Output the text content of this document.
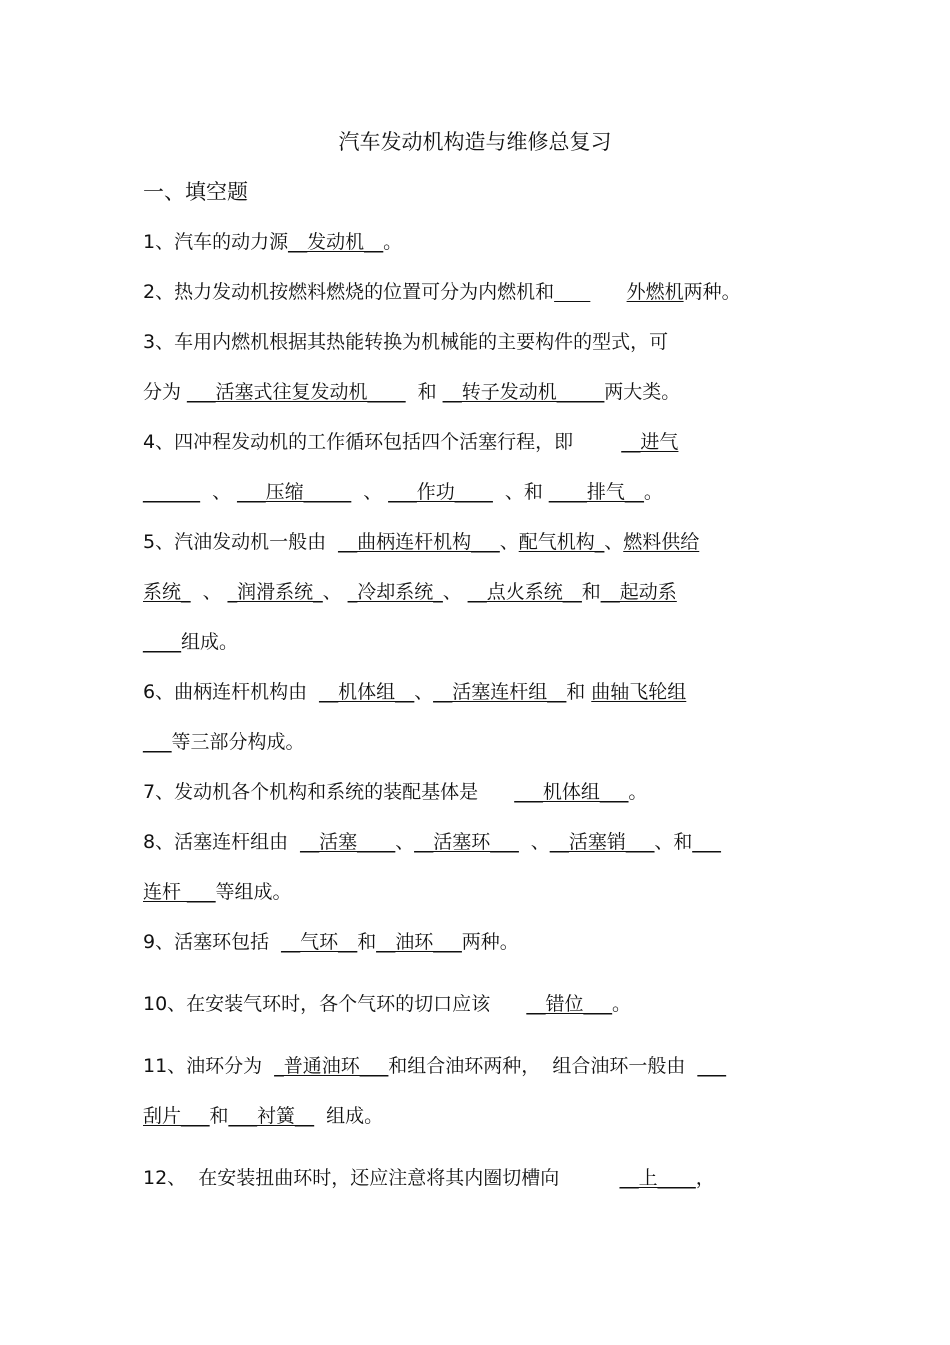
汽车发动机构造与维修总复习
一、填空题
1、汽车的动力源__发动机__。
2、热力发动机按燃料燃烧的位置可分为内燃机和	外燃机两种。
3、车用内燃机根据其热能转换为机械能的主要构件的型式，可
分为 ___活塞式往复发动机____  和 __转子发动机_____两大类。
4、四冲程发动机的工作循环包括四个活塞行程，即	__进气
______  、 ___压缩_____  、 ___作功____  、和 ____排气__。
5、汽油发动机一般由  __曲柄连杆机构___、配气机构_、燃料供给
系统_  、 _润滑系统_、 _冷却系统_、 __点火系统__和__起动系
____组成。
6、曲柄连杆机构由  __机体组__、__活塞连杆组__和 曲轴飞轮组
___等三部分构成。
7、发动机各个机构和系统的装配基体是 ___机体组___。
8、活塞连杆组由  __活塞____、__活塞环___  、__活塞销___、和___
连杆 ___等组成。
9、活塞环包括  __气环__和__油环___两种。
10、在安装气环时，各个气环的切口应该 __错位___。
11、油环分为  _普通油环___和组合油环两种，  组合油环一般由  ___
刮片___和___衬簧__  组成。
12、  在安装扭曲环时，还应注意将其内圈切槽向	__上____，
